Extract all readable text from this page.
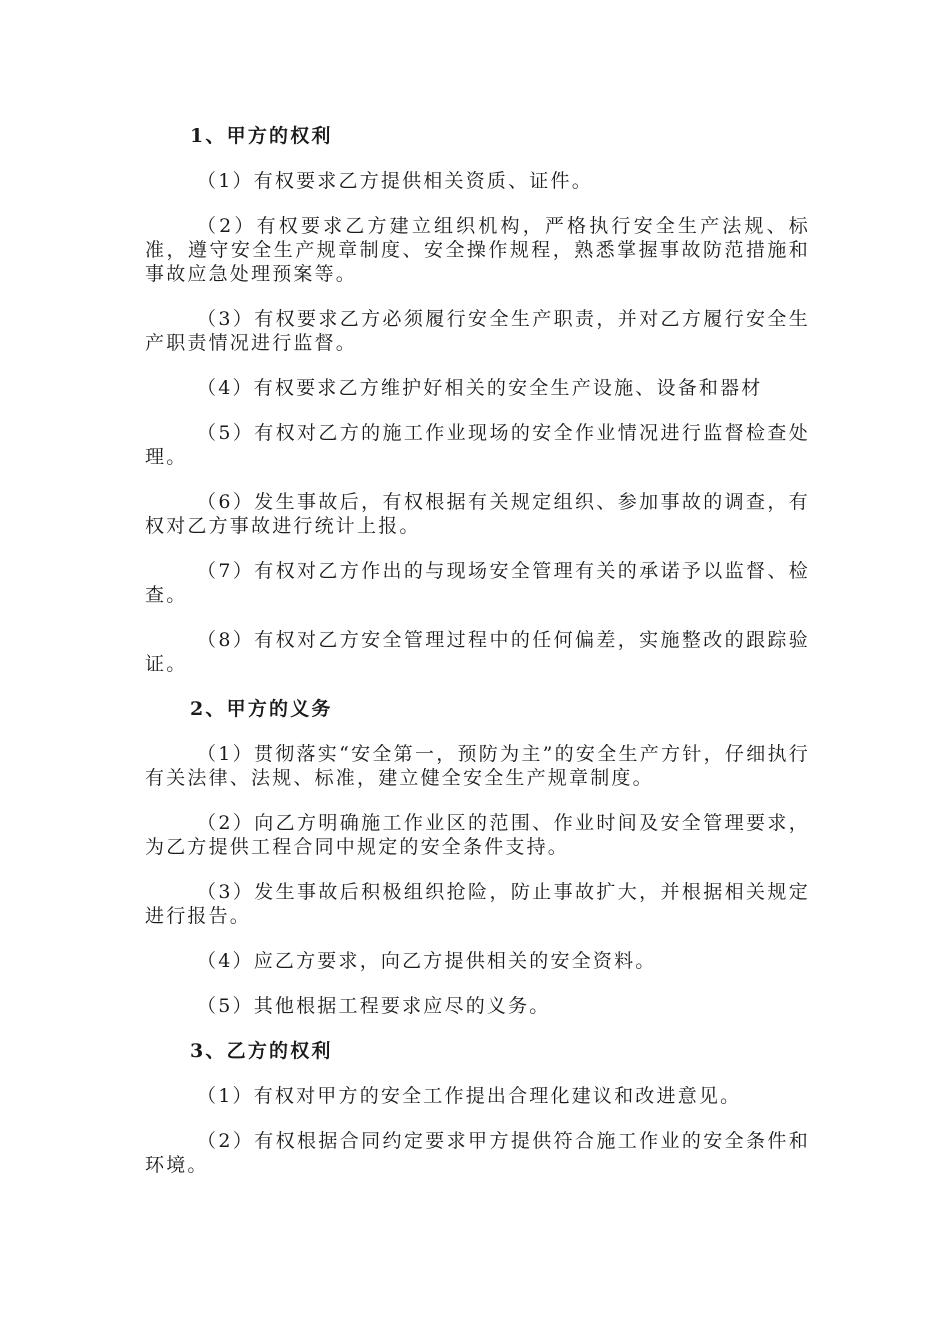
1、甲方的权利

（1）有权要求乙方提供相关资质、证件。

（2）有权要求乙方建立组织机构，严格执行安全生产法规、标准，遵守安全生产规章制度、安全操作规程，熟悉掌握事故防范措施和事故应急处理预案等。

（3）有权要求乙方必须履行安全生产职责，并对乙方履行安全生产职责情况进行监督。

（4）有权要求乙方维护好相关的安全生产设施、设备和器材

（5）有权对乙方的施工作业现场的安全作业情况进行监督检查处理。

（6）发生事故后，有权根据有关规定组织、参加事故的调查，有权对乙方事故进行统计上报。

（7）有权对乙方作出的与现场安全管理有关的承诺予以监督、检查。

（8）有权对乙方安全管理过程中的任何偏差，实施整改的跟踪验证。

2、甲方的义务

（1）贯彻落实“安全第一，预防为主”的安全生产方针，仔细执行有关法律、法规、标准，建立健全安全生产规章制度。

（2）向乙方明确施工作业区的范围、作业时间及安全管理要求，为乙方提供工程合同中规定的安全条件支持。

（3）发生事故后积极组织抢险，防止事故扩大，并根据相关规定进行报告。

（4）应乙方要求，向乙方提供相关的安全资料。

（5）其他根据工程要求应尽的义务。

3、乙方的权利

（1）有权对甲方的安全工作提出合理化建议和改进意见。

（2）有权根据合同约定要求甲方提供符合施工作业的安全条件和环境。
